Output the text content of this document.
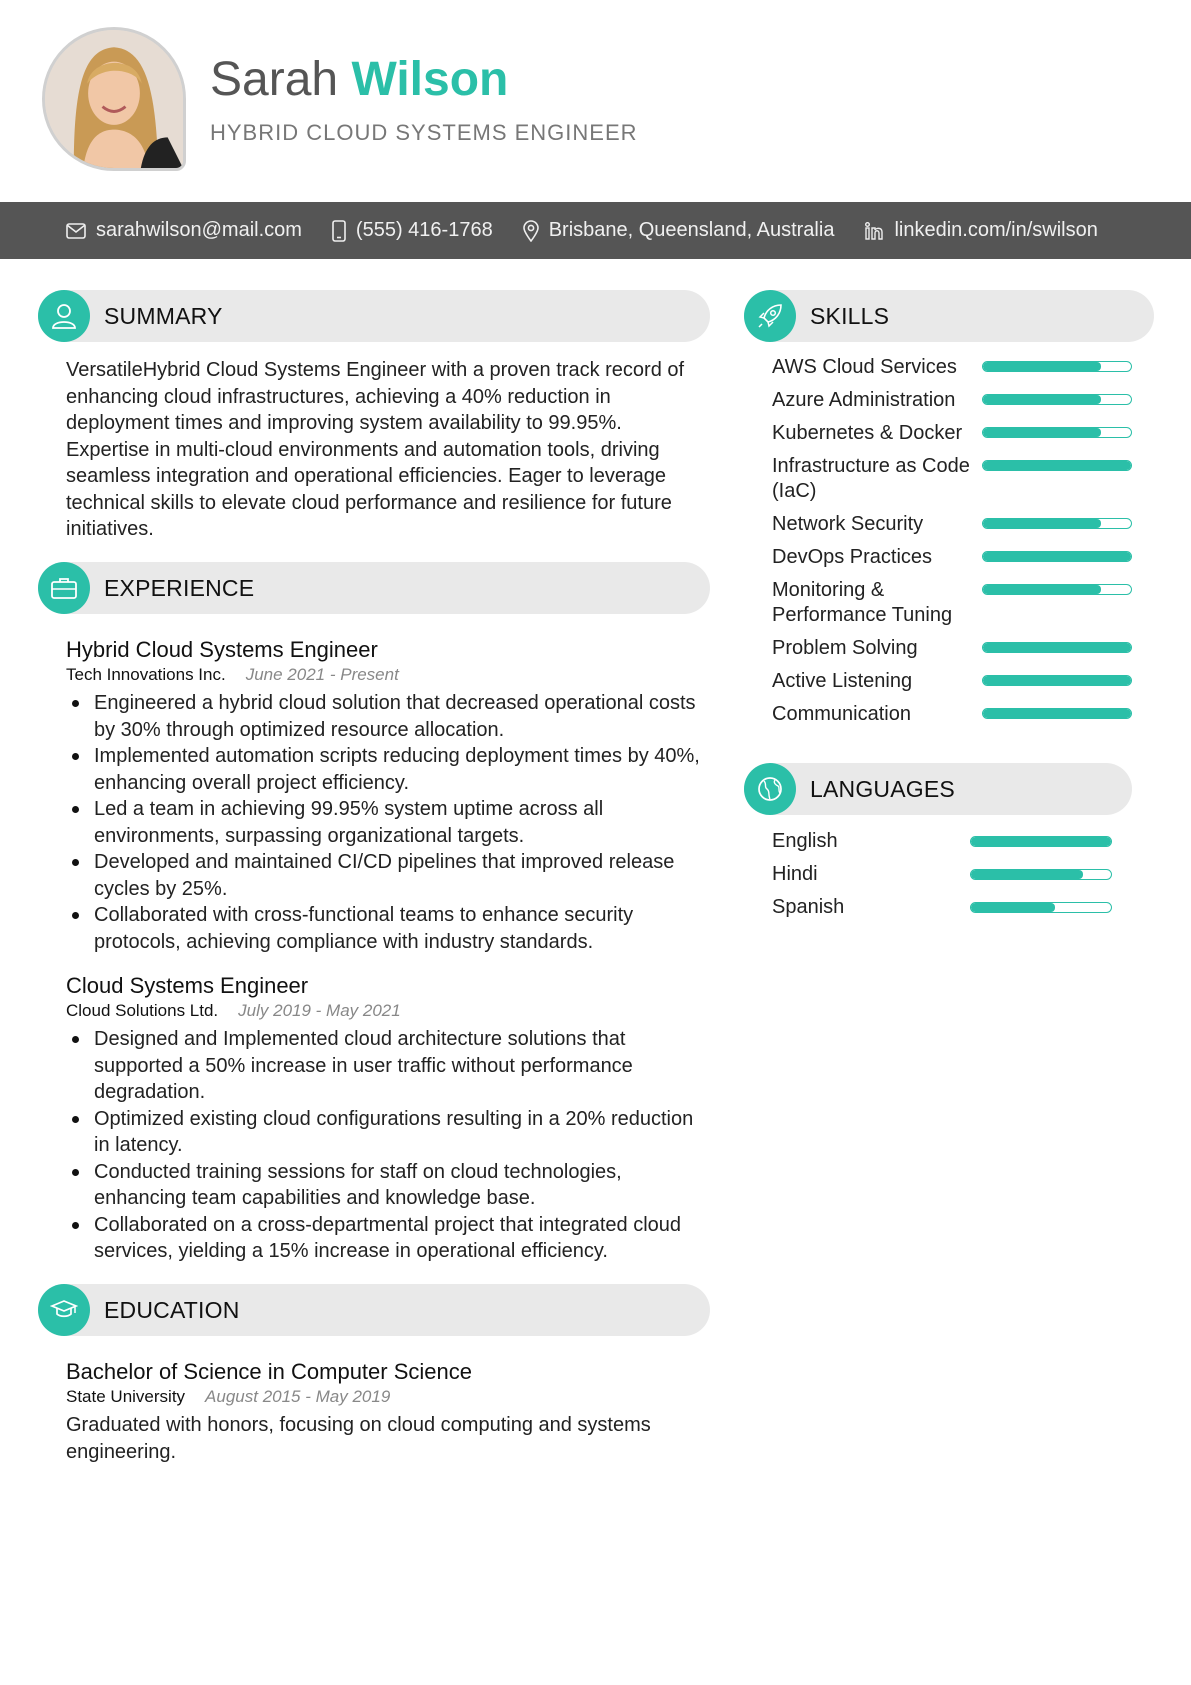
Sarah Wilson
HYBRID CLOUD SYSTEMS ENGINEER
sarahwilson@mail.com	(555) 416-1768	Brisbane, Queensland, Australia	linkedin.com/in/swilson
SUMMARY
VersatileHybrid Cloud Systems Engineer with a proven track record of enhancing cloud infrastructures, achieving a 40% reduction in deployment times and improving system availability to 99.95%. Expertise in multi-cloud environments and automation tools, driving seamless integration and operational efficiencies. Eager to leverage technical skills to elevate cloud performance and resilience for future initiatives.
EXPERIENCE
Hybrid Cloud Systems Engineer
Tech Innovations Inc. June 2021 - Present
Engineered a hybrid cloud solution that decreased operational costs by 30% through optimized resource allocation.
Implemented automation scripts reducing deployment times by 40%, enhancing overall project efficiency.
Led a team in achieving 99.95% system uptime across all environments, surpassing organizational targets.
Developed and maintained CI/CD pipelines that improved release cycles by 25%.
Collaborated with cross-functional teams to enhance security protocols, achieving compliance with industry standards.
Cloud Systems Engineer
Cloud Solutions Ltd. July 2019 - May 2021
Designed and Implemented cloud architecture solutions that supported a 50% increase in user traffic without performance degradation.
Optimized existing cloud configurations resulting in a 20% reduction in latency.
Conducted training sessions for staff on cloud technologies, enhancing team capabilities and knowledge base.
Collaborated on a cross-departmental project that integrated cloud services, yielding a 15% increase in operational efficiency.
EDUCATION
Bachelor of Science in Computer Science
State University August 2015 - May 2019
Graduated with honors, focusing on cloud computing and systems engineering.
SKILLS
AWS Cloud Services
Azure Administration
Kubernetes & Docker
Infrastructure as Code (IaC)
Network Security
DevOps Practices
Monitoring & Performance Tuning
Problem Solving
Active Listening
Communication
LANGUAGES
English
Hindi
Spanish
